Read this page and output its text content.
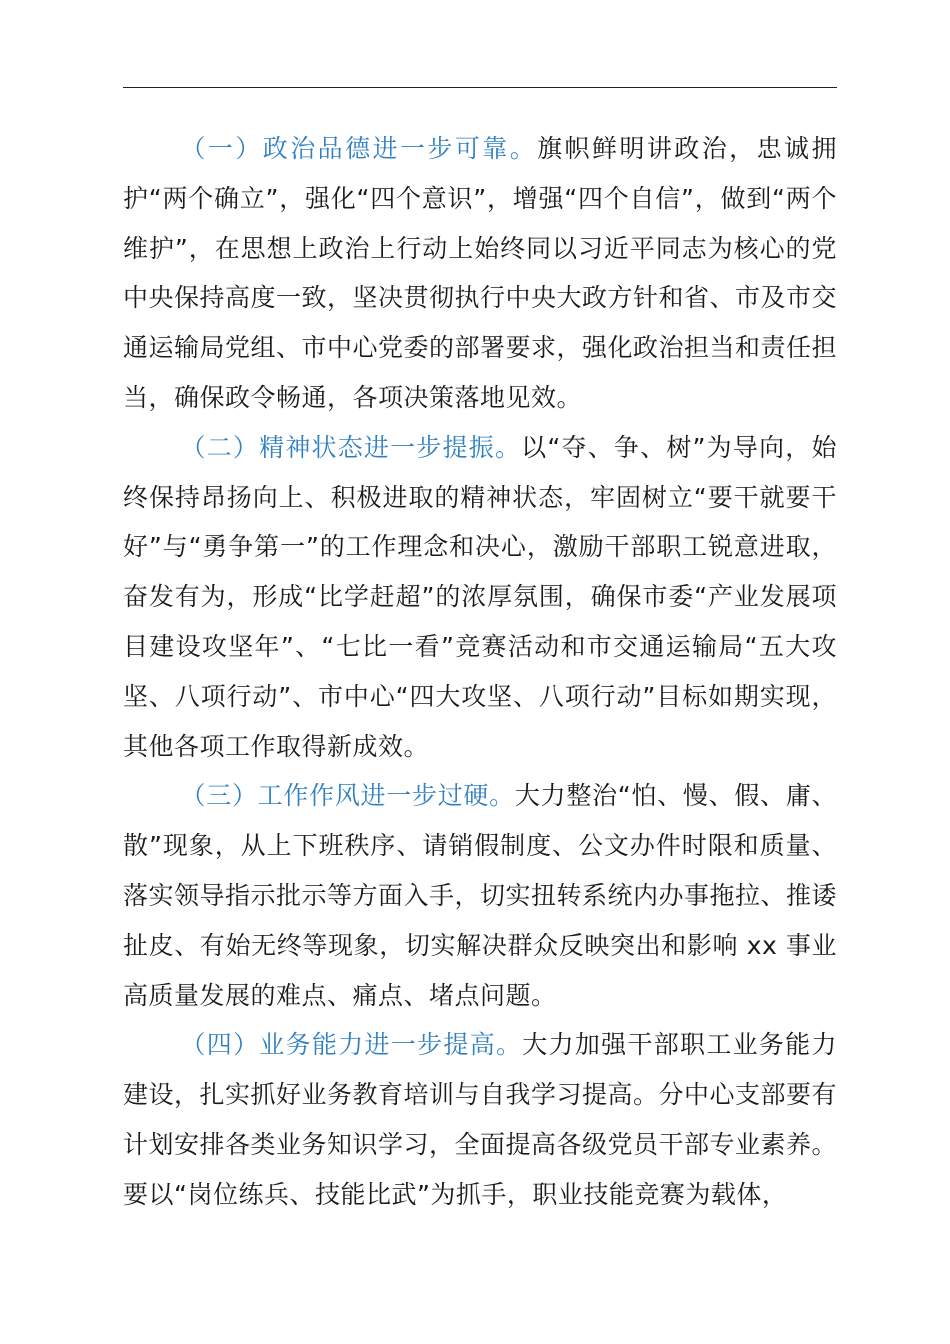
（一）政治品德进一步可靠。旗帜鲜明讲政治，忠诚拥护“两个确立”，强化“四个意识”，增强“四个自信”，做到“两个维护”，在思想上政治上行动上始终同以习近平同志为核心的党中央保持高度一致，坚决贯彻执行中央大政方针和省、市及市交通运输局党组、市中心党委的部署要求，强化政治担当和责任担当，确保政令畅通，各项决策落地见效。

（二）精神状态进一步提振。以“夺、争、树”为导向，始终保持昂扬向上、积极进取的精神状态，牢固树立“要干就要干好”与“勇争第一”的工作理念和决心，激励干部职工锐意进取，奋发有为，形成“比学赶超”的浓厚氛围，确保市委“产业发展项目建设攻坚年”、“七比一看”竞赛活动和市交通运输局“五大攻坚、八项行动”、市中心“四大攻坚、八项行动”目标如期实现，其他各项工作取得新成效。

（三）工作作风进一步过硬。大力整治“怕、慢、假、庸、散”现象，从上下班秩序、请销假制度、公文办件时限和质量、落实领导指示批示等方面入手，切实扭转系统内办事拖拉、推诿扯皮、有始无终等现象，切实解决群众反映突出和影响 xx 事业高质量发展的难点、痛点、堵点问题。

（四）业务能力进一步提高。大力加强干部职工业务能力建设，扎实抓好业务教育培训与自我学习提高。分中心支部要有计划安排各类业务知识学习，全面提高各级党员干部专业素养。要以“岗位练兵、技能比武”为抓手，职业技能竞赛为载体，
